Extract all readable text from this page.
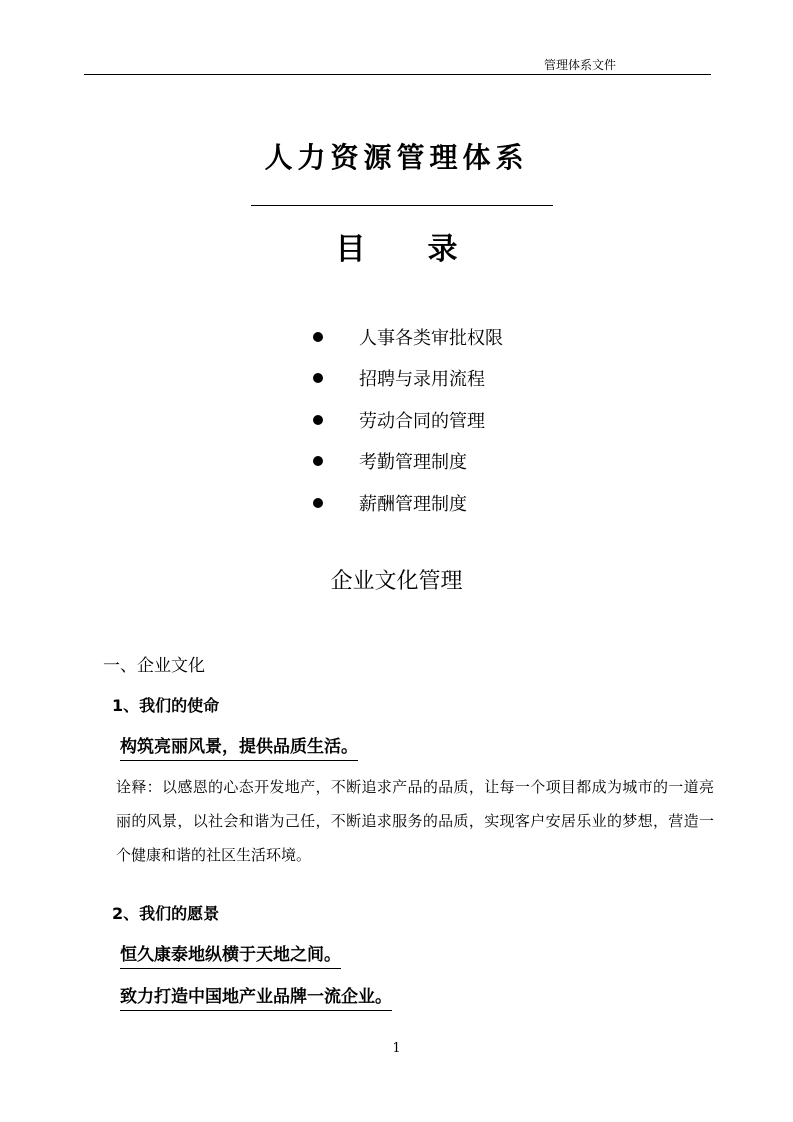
管理体系文件
人力资源管理体系
目 录
人事各类审批权限
招聘与录用流程
劳动合同的管理
考勤管理制度
薪酬管理制度
企业文化管理
一、企业文化
1、我们的使命
构筑亮丽风景，提供品质生活。
诠释：以感恩的心态开发地产，不断追求产品的品质，让每一个项目都成为城市的一道亮丽的风景，以社会和谐为己任，不断追求服务的品质，实现客户安居乐业的梦想，营造一个健康和谐的社区生活环境。
2、我们的愿景
恒久康泰地纵横于天地之间。
致力打造中国地产业品牌一流企业。
1
